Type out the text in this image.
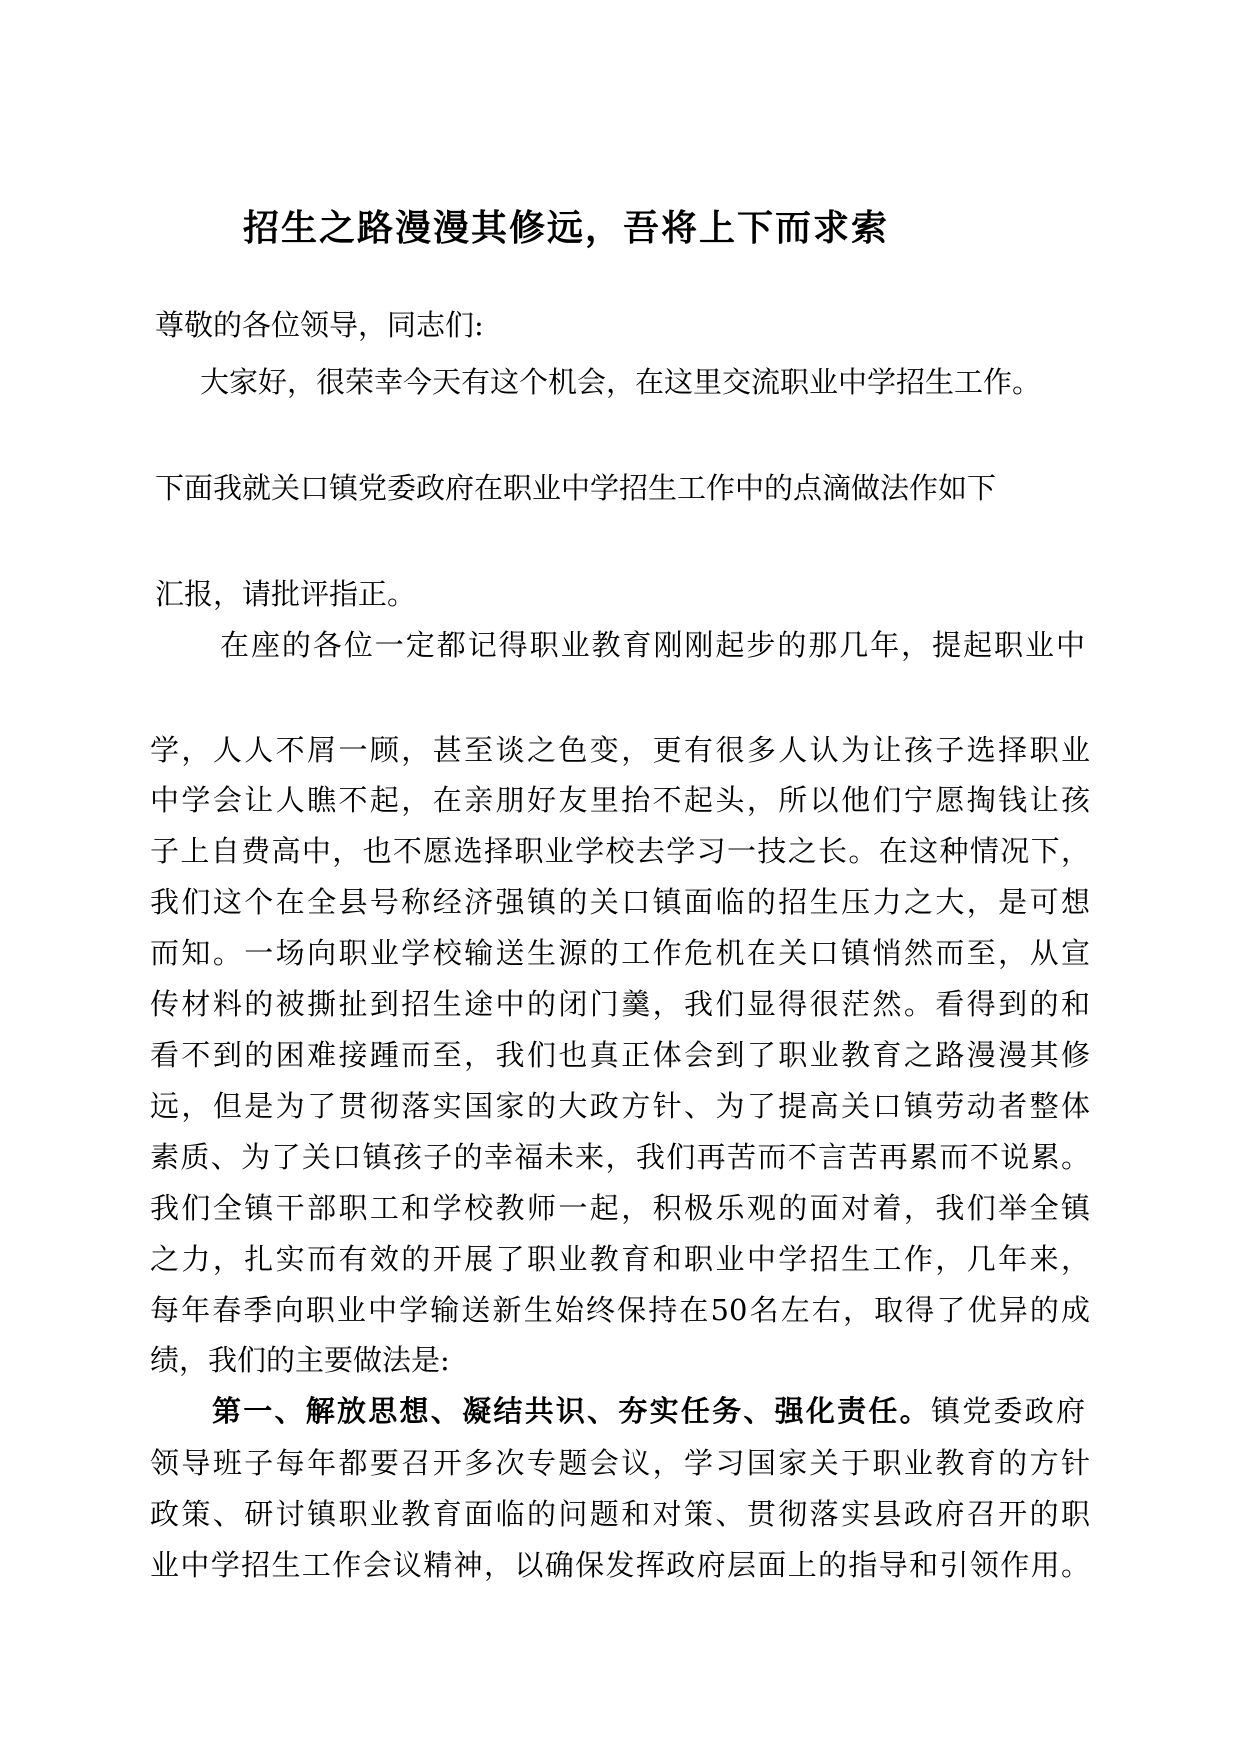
招生之路漫漫其修远，吾将上下而求索
尊敬的各位领导，同志们:
大家好，很荣幸今天有这个机会，在这里交流职业中学招生工作。
下面我就关口镇党委政府在职业中学招生工作中的点滴做法作如下
汇报，请批评指正。
在座的各位一定都记得职业教育刚刚起步的那几年，提起职业中
学，人人不屑一顾，甚至谈之色变，更有很多人认为让孩子选择职业
中学会让人瞧不起，在亲朋好友里抬不起头，所以他们宁愿掏钱让孩
子上自费高中，也不愿选择职业学校去学习一技之长。在这种情况下，
我们这个在全县号称经济强镇的关口镇面临的招生压力之大，是可想
而知。一场向职业学校输送生源的工作危机在关口镇悄然而至，从宣
传材料的被撕扯到招生途中的闭门羹，我们显得很茫然。看得到的和
看不到的困难接踵而至，我们也真正体会到了职业教育之路漫漫其修
远，但是为了贯彻落实国家的大政方针、为了提高关口镇劳动者整体
素质、为了关口镇孩子的幸福未来，我们再苦而不言苦再累而不说累。
我们全镇干部职工和学校教师一起，积极乐观的面对着，我们举全镇
之力，扎实而有效的开展了职业教育和职业中学招生工作，几年来，
每年春季向职业中学输送新生始终保持在50名左右，取得了优异的成
绩，我们的主要做法是:
第一、解放思想、凝结共识、夯实任务、强化责任。镇党委政府
领导班子每年都要召开多次专题会议，学习国家关于职业教育的方针
政策、研讨镇职业教育面临的问题和对策、贯彻落实县政府召开的职
业中学招生工作会议精神，以确保发挥政府层面上的指导和引领作用。
